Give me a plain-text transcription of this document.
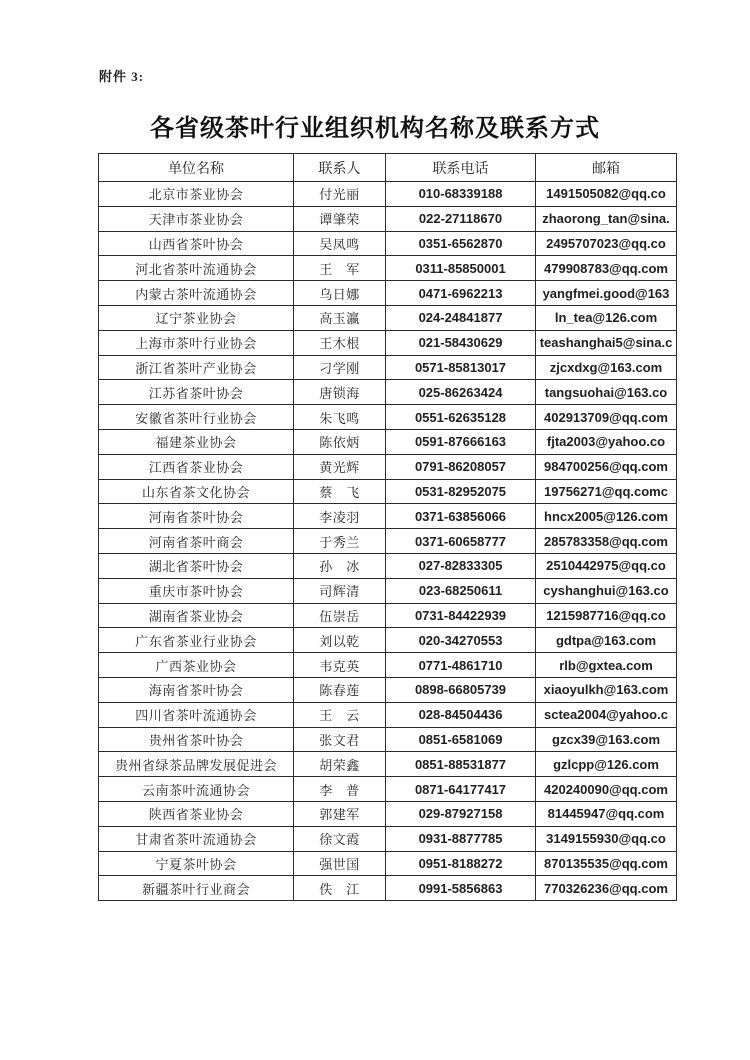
附件 3:
各省级茶叶行业组织机构名称及联系方式
单位名称	联系人	联系电话	邮箱
北京市茶业协会	付光丽	010-68339188	1491505082@qq.co
天津市茶业协会	谭肇荣	022-27118670	zhaorong_tan@sina.
山西省茶叶协会	吴凤鸣	0351-6562870	2495707023@qq.co
河北省茶叶流通协会	王　军	0311-85850001	479908783@qq.com
内蒙古茶叶流通协会	乌日娜	0471-6962213	yangfmei.good@163
辽宁茶业协会	高玉瀛	024-24841877	ln_tea@126.com
上海市茶叶行业协会	王木根	021-58430629	teashanghai5@sina.c
浙江省茶叶产业协会	刁学刚	0571-85813017	zjcxdxg@163.com
江苏省茶叶协会	唐锁海	025-86263424	tangsuohai@163.co
安徽省茶叶行业协会	朱飞鸣	0551-62635128	402913709@qq.com
福建茶业协会	陈依炳	0591-87666163	fjta2003@yahoo.co
江西省茶业协会	黄光辉	0791-86208057	984700256@qq.com
山东省茶文化协会	蔡　飞	0531-82952075	19756271@qq.comc
河南省茶叶协会	李凌羽	0371-63856066	hncx2005@126.com
河南省茶叶商会	于秀兰	0371-60658777	285783358@qq.com
湖北省茶叶协会	孙　冰	027-82833305	2510442975@qq.co
重庆市茶叶协会	司辉清	023-68250611	cyshanghui@163.co
湖南省茶业协会	伍崇岳	0731-84422939	1215987716@qq.co
广东省茶业行业协会	刘以乾	020-34270553	gdtpa@163.com
广西茶业协会	韦克英	0771-4861710	rlb@gxtea.com
海南省茶叶协会	陈春莲	0898-66805739	xiaoyulkh@163.com
四川省茶叶流通协会	王　云	028-84504436	sctea2004@yahoo.c
贵州省茶叶协会	张文君	0851-6581069	gzcx39@163.com
贵州省绿茶品牌发展促进会	胡荣鑫	0851-88531877	gzlcpp@126.com
云南茶叶流通协会	李　普	0871-64177417	420240090@qq.com
陕西省茶业协会	郭建军	029-87927158	81445947@qq.com
甘肃省茶叶流通协会	徐文霞	0931-8877785	3149155930@qq.co
宁夏茶叶协会	强世国	0951-8188272	870135535@qq.com
新疆茶叶行业商会	佚　江	0991-5856863	770326236@qq.com
